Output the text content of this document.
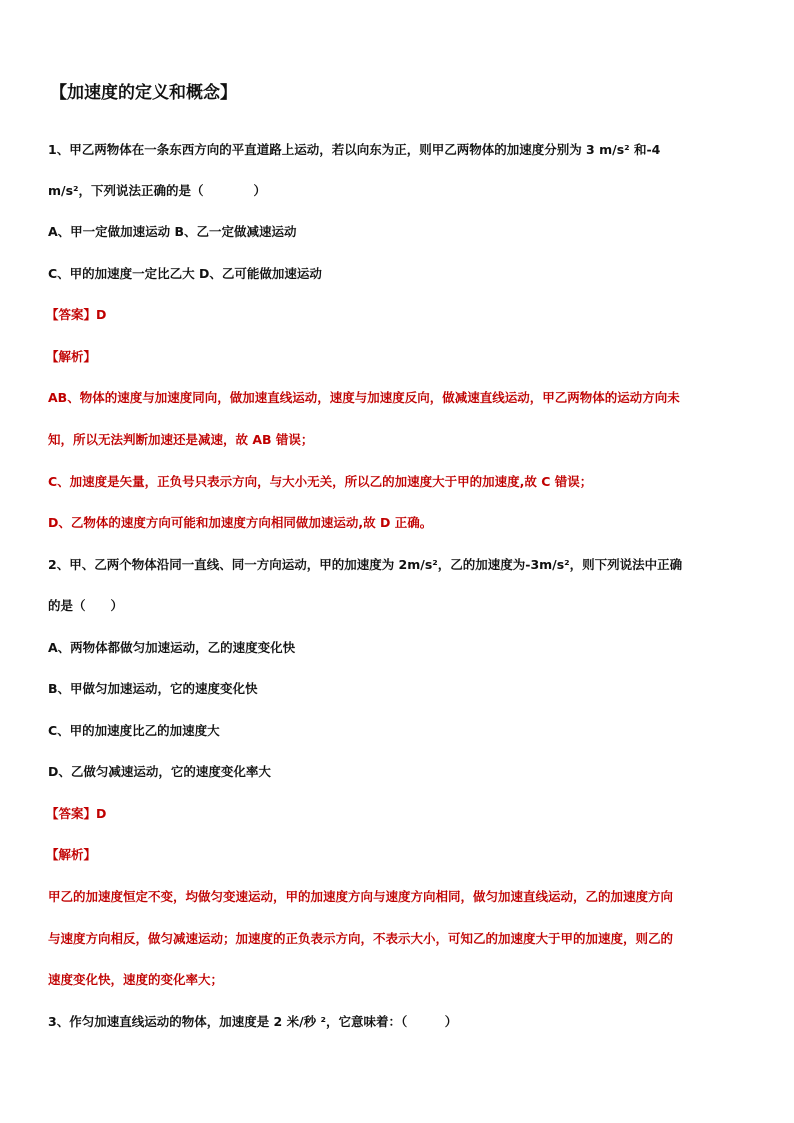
【加速度的定义和概念】
1、甲乙两物体在一条东西方向的平直道路上运动，若以向东为正，则甲乙两物体的加速度分别为 3 m/s² 和-4
m/s²，下列说法正确的是（　　　　）
A、甲一定做加速运动 B、乙一定做减速运动
C、甲的加速度一定比乙大 D、乙可能做加速运动
【答案】D
【解析】
AB、物体的速度与加速度同向，做加速直线运动，速度与加速度反向，做减速直线运动，甲乙两物体的运动方向未
知，所以无法判断加速还是减速，故 AB 错误；
C、加速度是矢量，正负号只表示方向，与大小无关，所以乙的加速度大于甲的加速度,故 C 错误；
D、乙物体的速度方向可能和加速度方向相同做加速运动,故 D 正确。
2、甲、乙两个物体沿同一直线、同一方向运动，甲的加速度为 2m/s²，乙的加速度为-3m/s²，则下列说法中正确
的是（　　）
A、两物体都做匀加速运动，乙的速度变化快
B、甲做匀加速运动，它的速度变化快
C、甲的加速度比乙的加速度大
D、乙做匀减速运动，它的速度变化率大
【答案】D
【解析】
甲乙的加速度恒定不变，均做匀变速运动，甲的加速度方向与速度方向相同，做匀加速直线运动，乙的加速度方向
与速度方向相反，做匀减速运动；加速度的正负表示方向，不表示大小，可知乙的加速度大于甲的加速度，则乙的
速度变化快，速度的变化率大；
3、作匀加速直线运动的物体，加速度是 2 米/秒 ²，它意味着：（　　　）
